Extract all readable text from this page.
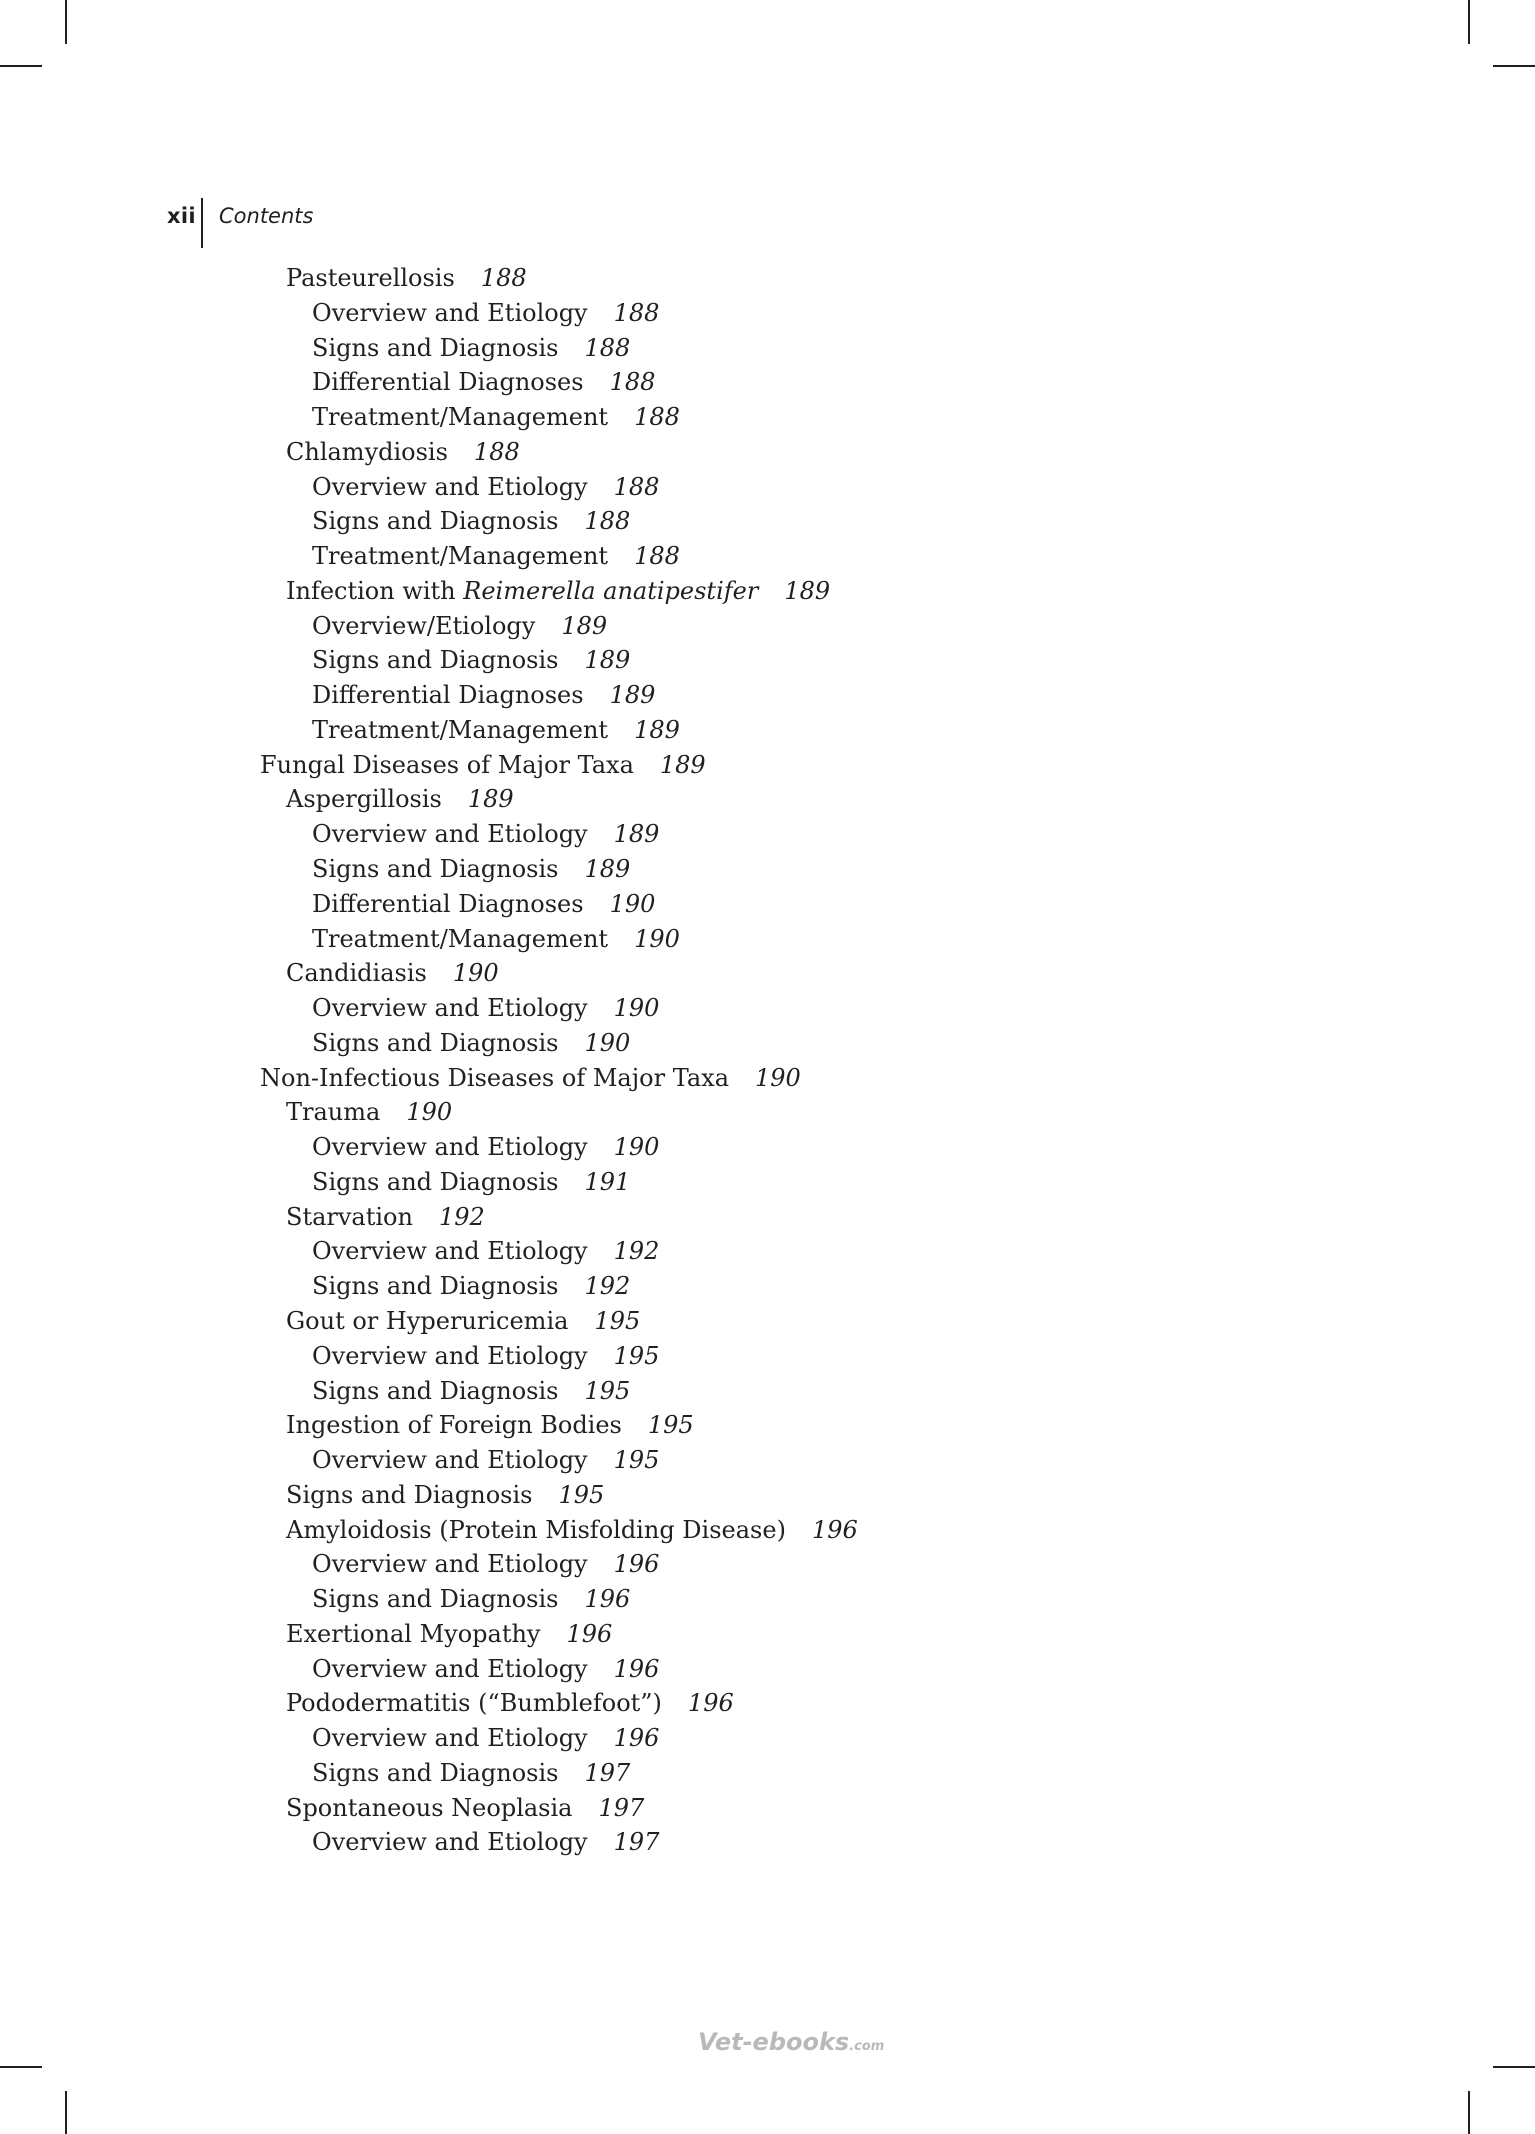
xii Contents
Pasteurellosis 188
Overview and Etiology 188
Signs and Diagnosis 188
Differential Diagnoses 188
Treatment/Management 188
Chlamydiosis 188
Overview and Etiology 188
Signs and Diagnosis 188
Treatment/Management 188
Infection with Reimerella anatipestifer 189
Overview/Etiology 189
Signs and Diagnosis 189
Differential Diagnoses 189
Treatment/Management 189
Fungal Diseases of Major Taxa 189
Aspergillosis 189
Overview and Etiology 189
Signs and Diagnosis 189
Differential Diagnoses 190
Treatment/Management 190
Candidiasis 190
Overview and Etiology 190
Signs and Diagnosis 190
Non-Infectious Diseases of Major Taxa 190
Trauma 190
Overview and Etiology 190
Signs and Diagnosis 191
Starvation 192
Overview and Etiology 192
Signs and Diagnosis 192
Gout or Hyperuricemia 195
Overview and Etiology 195
Signs and Diagnosis 195
Ingestion of Foreign Bodies 195
Overview and Etiology 195
Signs and Diagnosis 195
Amyloidosis (Protein Misfolding Disease) 196
Overview and Etiology 196
Signs and Diagnosis 196
Exertional Myopathy 196
Overview and Etiology 196
Pododermatitis (“Bumblefoot”) 196
Overview and Etiology 196
Signs and Diagnosis 197
Spontaneous Neoplasia 197
Overview and Etiology 197
Vet-ebooks.com
